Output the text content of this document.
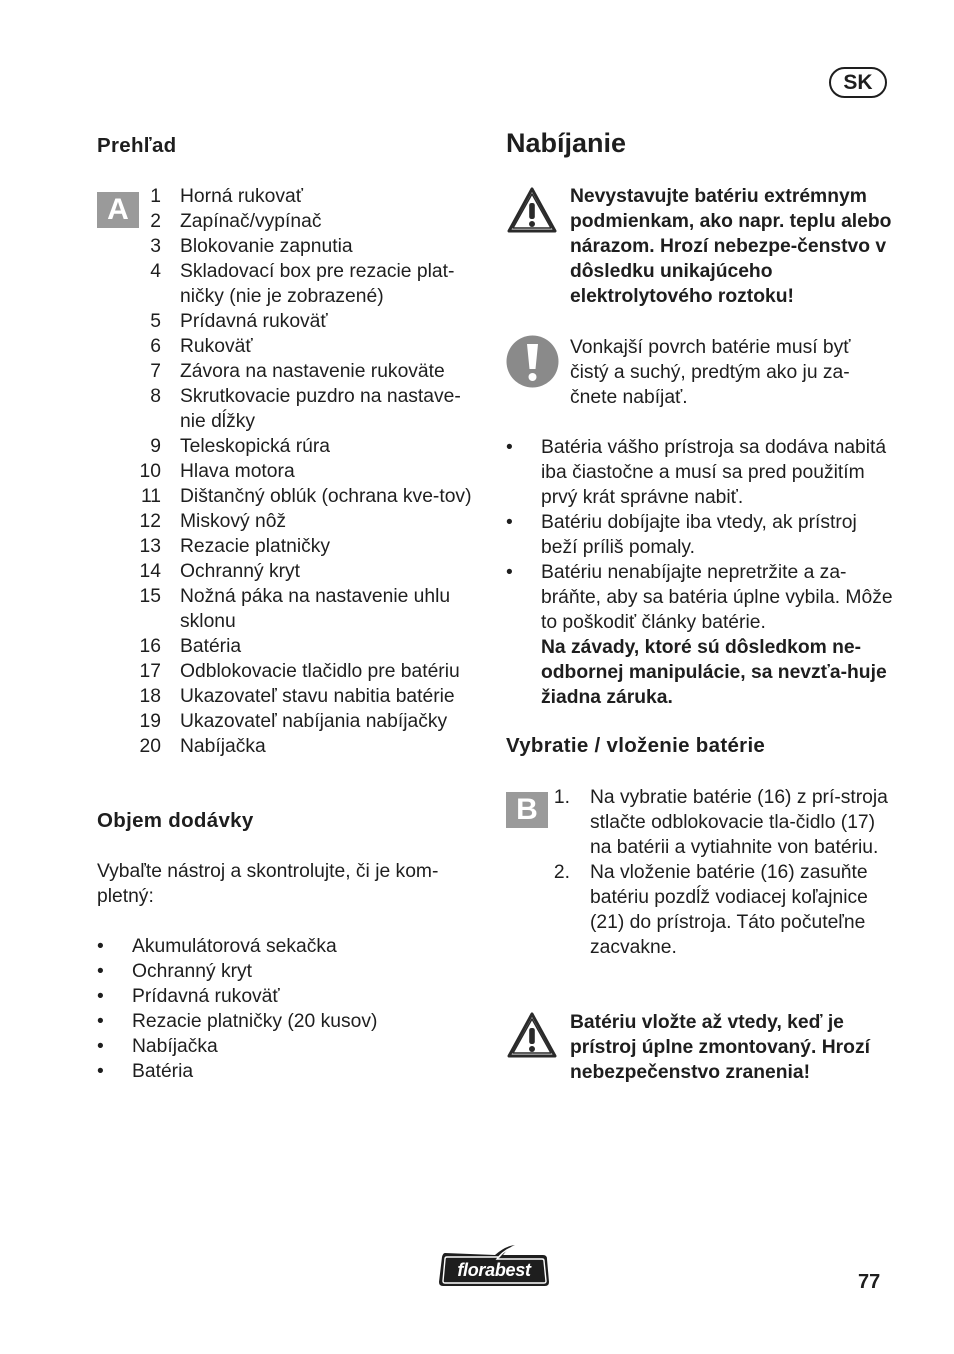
SK
Prehľad
A	1 Horná rukovať
2 Zapínač/vypínač
3 Blokovanie zapnutia
4 Skladovací box pre rezacie plat-ničky (nie je zobrazené)
5 Prídavná rukoväť
6 Rukoväť
7 Závora na nastavenie rukoväte
8 Skrutkovacie puzdro na nastave-nie dĺžky
9 Teleskopická rúra
10 Hlava motora
11 Dištančný oblúk (ochrana kve-tov)
12 Miskový nôž
13 Rezacie platničky
14 Ochranný kryt
15 Nožná páka na nastavenie uhlu sklonu
16 Batéria
17 Odblokovacie tlačidlo pre batériu
18 Ukazovateľ stavu nabitia batérie
19 Ukazovateľ nabíjania nabíjačky
20 Nabíjačka
Objem dodávky
Vybaľte nástroj a skontrolujte, či je kom-pletný:
•	Akumulátorová sekačka
•	Ochranný kryt
•	Prídavná rukoväť
•	Rezacie platničky (20 kusov)
•	Nabíjačka
•	Batéria
Nabíjanie
Nevystavujte batériu extrémnym podmienkam, ako napr. teplu alebo nárazom. Hrozí nebezpe-čenstvo v dôsledku unikajúceho elektrolytového roztoku!
Vonkajší povrch batérie musí byť čistý a suchý, predtým ako ju za-čnete nabíjať.
•	Batéria vášho prístroja sa dodáva nabitá iba čiastočne a musí sa pred použitím prvý krát správne nabiť.
•	Batériu dobíjajte iba vtedy, ak prístroj beží príliš pomaly.
•	Batériu nenabíjajte nepretržite a za-bráňte, aby sa batéria úplne vybila. Môže to poškodiť články batérie.
Na závady, ktoré sú dôsledkom ne-odbornej manipulácie, sa nevzťa-huje žiadna záruka.
Vybratie / vloženie batérie
B 1. Na vybratie batérie (16) z prí-stroja stlačte odblokovacie tla-čidlo (17) na batérii a vytiahnite von batériu.
2. Na vloženie batérie (16) zasuňte batériu pozdĺž vodiacej koľajnice (21) do prístroja. Táto počuteľne zacvakne.
Batériu vložte až vtedy, keď je prístroj úplne zmontovaný. Hrozí nebezpečenstvo zranenia!
florabest
77
